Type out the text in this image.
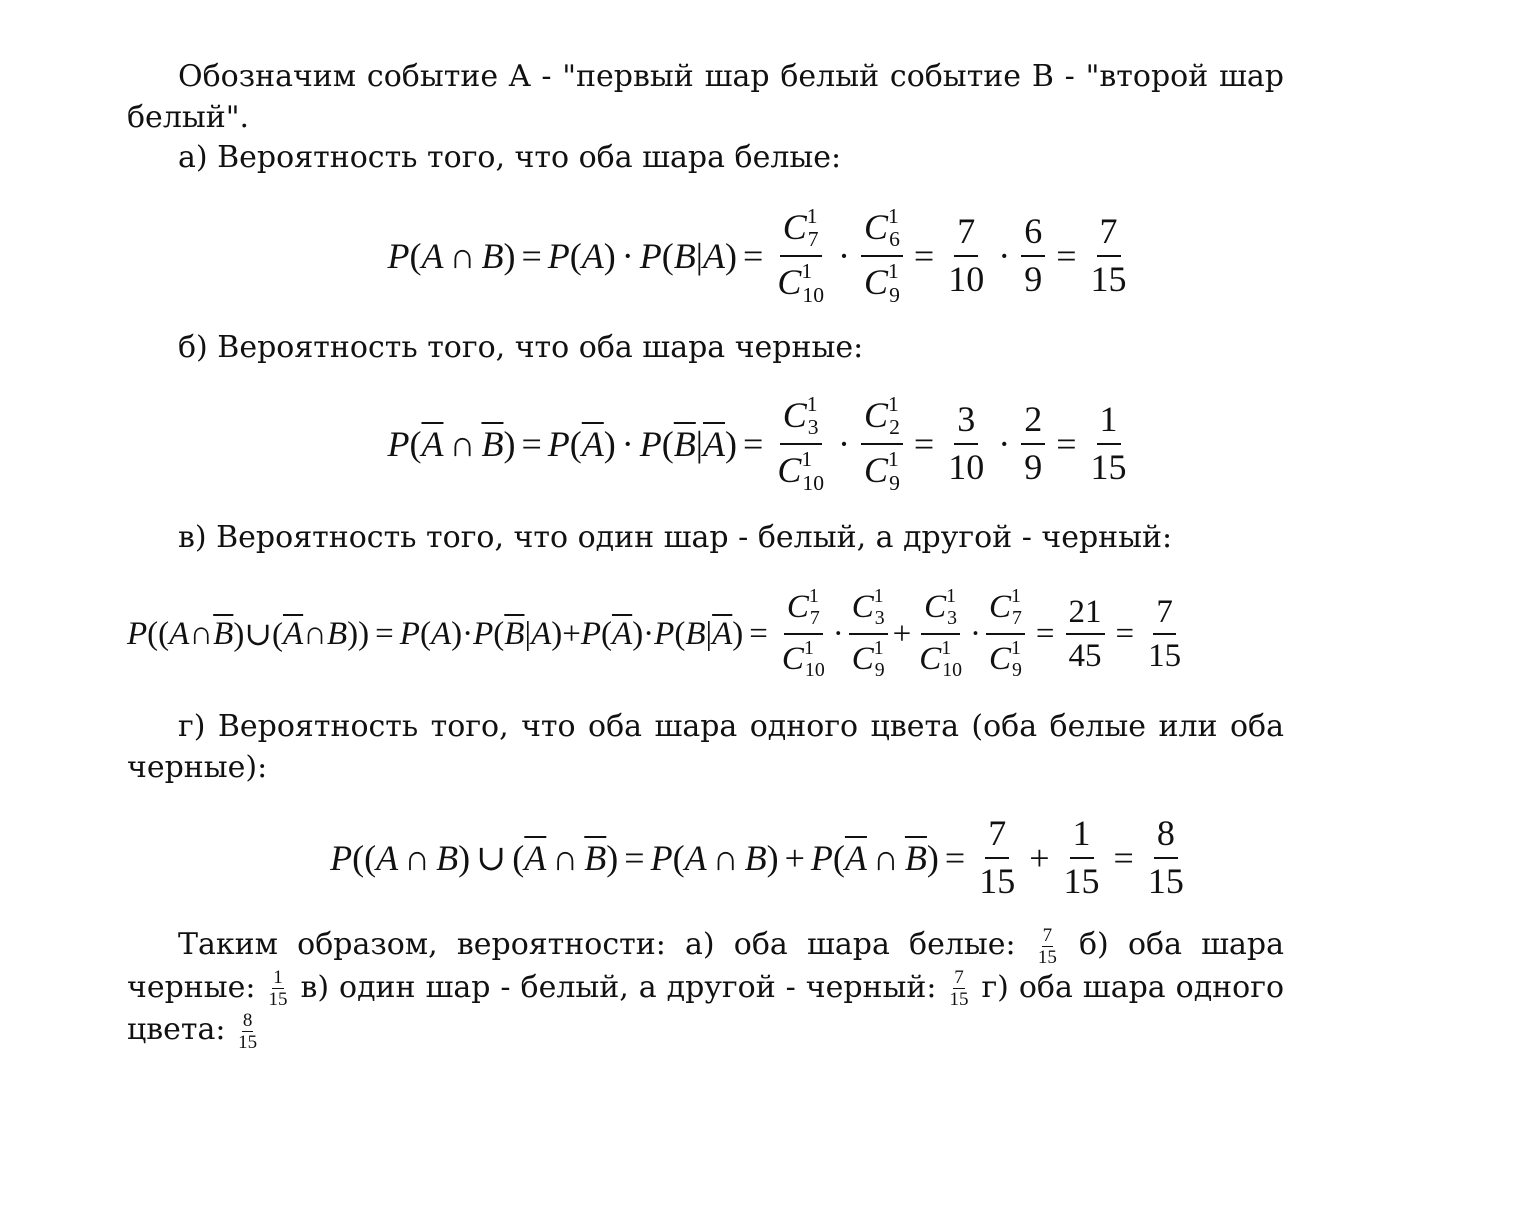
Обозначим событие A - "первый шар белый событие B - "второй шар белый".

а) Вероятность того, что оба шара белые:

P ( A ∩ B ) = P ( A ) · P ( B | A ) = $\frac{C^1_7}{C^1_{10}} \cdot \frac{C^1_6}{C^1_9} = \frac{7}{10} \cdot \frac{6}{9} = \frac{7}{15}$

б) Вероятность того, что оба шара черные:

P ( $\overline{A}$ ∩ $\overline{B}$ ) = P ( $\overline{A}$ ) · P ( $\overline{B}$ | $\overline{A}$ ) = $\frac{C^1_3}{C^1_{10}} \cdot \frac{C^1_2}{C^1_9} = \frac{3}{10} \cdot \frac{2}{9} = \frac{1}{15}$

в) Вероятность того, что один шар - белый, а другой - черный:

P (( A ∩ $\overline{B}$ )∪( $\overline{A}$ ∩ B )) = P ( A )· P ( $\overline{B}$ | A )+ P ( $\overline{A}$ )· P ( B | $\overline{A}$ ) = $\frac{C^1_7}{C^1_{10}} \cdot \frac{C^1_3}{C^1_9} + \frac{C^1_3}{C^1_{10}} \cdot \frac{C^1_7}{C^1_9} = \frac{21}{45} = \frac{7}{15}$

г) Вероятность того, что оба шара одного цвета (оба белые или оба черные):

P (( A ∩ B ) ∪ ( $\overline{A}$ ∩ $\overline{B}$ ) = P ( A ∩ B ) + P ( $\overline{A}$ ∩ $\overline{B}$ ) = $\frac{7}{15} + \frac{1}{15} = \frac{8}{15}$

Таким образом, вероятности: а) оба шара белые: $\frac{7}{15} б$) оба шара черные: $\frac{1}{15} в$) один шар - белый, а другой - черный: $\frac{7}{15} г$) оба шара одного цвета: $\frac{8}{15}$
